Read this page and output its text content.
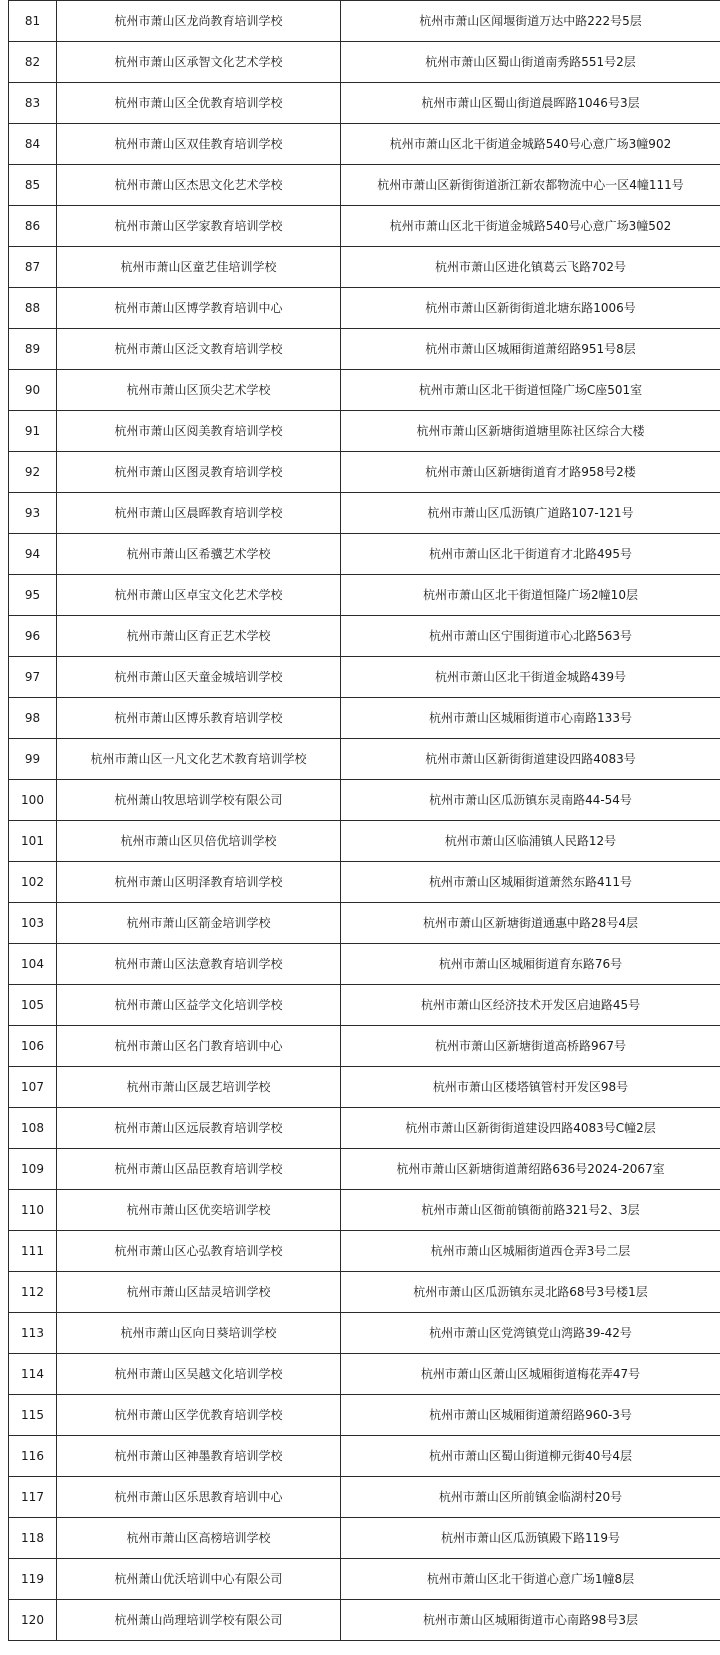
81	杭州市萧山区龙尚教育培训学校	杭州市萧山区闻堰街道万达中路222号5层
82	杭州市萧山区承智文化艺术学校	杭州市萧山区蜀山街道南秀路551号2层
83	杭州市萧山区全优教育培训学校	杭州市萧山区蜀山街道晨晖路1046号3层
84	杭州市萧山区双佳教育培训学校	杭州市萧山区北干街道金城路540号心意广场3幢902
85	杭州市萧山区杰思文化艺术学校	杭州市萧山区新街街道浙江新农都物流中心一区4幢111号
86	杭州市萧山区学家教育培训学校	杭州市萧山区北干街道金城路540号心意广场3幢502
87	杭州市萧山区童艺佳培训学校	杭州市萧山区进化镇葛云飞路702号
88	杭州市萧山区博学教育培训中心	杭州市萧山区新街街道北塘东路1006号
89	杭州市萧山区泛文教育培训学校	杭州市萧山区城厢街道萧绍路951号8层
90	杭州市萧山区顶尖艺术学校	杭州市萧山区北干街道恒隆广场C座501室
91	杭州市萧山区阅美教育培训学校	杭州市萧山区新塘街道塘里陈社区综合大楼
92	杭州市萧山区图灵教育培训学校	杭州市萧山区新塘街道育才路958号2楼
93	杭州市萧山区晨晖教育培训学校	杭州市萧山区瓜沥镇广道路107-121号
94	杭州市萧山区希骥艺术学校	杭州市萧山区北干街道育才北路495号
95	杭州市萧山区卓宝文化艺术学校	杭州市萧山区北干街道恒隆广场2幢10层
96	杭州市萧山区育正艺术学校	杭州市萧山区宁围街道市心北路563号
97	杭州市萧山区天童金城培训学校	杭州市萧山区北干街道金城路439号
98	杭州市萧山区博乐教育培训学校	杭州市萧山区城厢街道市心南路133号
99	杭州市萧山区一凡文化艺术教育培训学校	杭州市萧山区新街街道建设四路4083号
100	杭州萧山牧思培训学校有限公司	杭州市萧山区瓜沥镇东灵南路44-54号
101	杭州市萧山区贝倍优培训学校	杭州市萧山区临浦镇人民路12号
102	杭州市萧山区明泽教育培训学校	杭州市萧山区城厢街道萧然东路411号
103	杭州市萧山区箭金培训学校	杭州市萧山区新塘街道通惠中路28号4层
104	杭州市萧山区法意教育培训学校	杭州市萧山区城厢街道育东路76号
105	杭州市萧山区益学文化培训学校	杭州市萧山区经济技术开发区启迪路45号
106	杭州市萧山区名门教育培训中心	杭州市萧山区新塘街道高桥路967号
107	杭州市萧山区晟艺培训学校	杭州市萧山区楼塔镇管村开发区98号
108	杭州市萧山区远辰教育培训学校	杭州市萧山区新街街道建设四路4083号C幢2层
109	杭州市萧山区品臣教育培训学校	杭州市萧山区新塘街道萧绍路636号2024-2067室
110	杭州市萧山区优奕培训学校	杭州市萧山区衙前镇衙前路321号2、3层
111	杭州市萧山区心弘教育培训学校	杭州市萧山区城厢街道西仓弄3号二层
112	杭州市萧山区喆灵培训学校	杭州市萧山区瓜沥镇东灵北路68号3号楼1层
113	杭州市萧山区向日葵培训学校	杭州市萧山区党湾镇党山湾路39-42号
114	杭州市萧山区吴越文化培训学校	杭州市萧山区萧山区城厢街道梅花弄47号
115	杭州市萧山区学优教育培训学校	杭州市萧山区城厢街道萧绍路960-3号
116	杭州市萧山区神墨教育培训学校	杭州市萧山区蜀山街道柳元街40号4层
117	杭州市萧山区乐思教育培训中心	杭州市萧山区所前镇金临湖村20号
118	杭州市萧山区高榜培训学校	杭州市萧山区瓜沥镇殿下路119号
119	杭州萧山优沃培训中心有限公司	杭州市萧山区北干街道心意广场1幢8层
120	杭州萧山尚理培训学校有限公司	杭州市萧山区城厢街道市心南路98号3层
